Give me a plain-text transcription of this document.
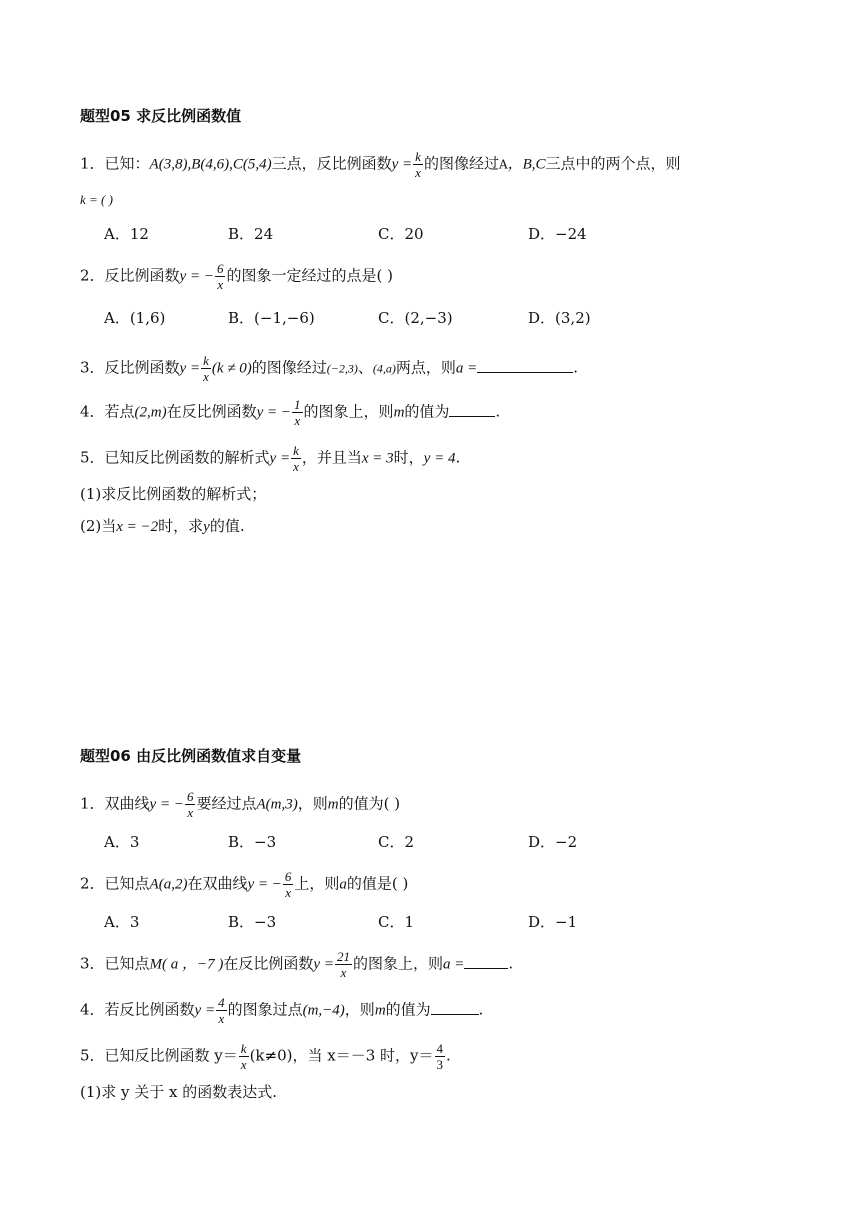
题型05 求反比例函数值
1．已知：A(3,8),B(4,6),C(5,4)三点，反比例函数$y = \frac{k}{x}$ 的图像经过A，B,C三点中的两个点，则
k = ( )
A．12	B．24	C．20	D．−24
2．反比例函数y = − $\frac{6}{x}$ 的图象一定经过的点是( )
A．(1,6)	B．(−1,−6)	C．(2,−3)	D．(3,2)
3．反比例函数$y = \frac{k}{x} (k \ne 0)$的图像经过(−2,3)、(4,a)两点，则a =	.
4．若点(2,m)在反比例函数y = − $\frac{1}{x}$ 的图象上，则m的值为	.
5．已知反比例函数的解析式$y = \frac{k}{x}$ ，并且当x = 3时，y = 4.
(1)求反比例函数的解析式；
(2)当x = −2时，求y的值.
题型06 由反比例函数值求自变量
1．双曲线y = − $\frac{6}{x}$ 要经过点A(m,3)，则m的值为( )
A．3	B．−3	C．2	D．−2
2．已知点A(a,2)在双曲线y = − $\frac{6}{x}$ 上，则a的值是( )
A．3	B．−3	C．1	D．−1
3．已知点M( a ，−7 )在反比例函数$y = \frac{21}{x}$ 的图象上，则a =	.
4．若反比例函数$y = \frac{4}{x}$ 的图象过点(m,−4)，则m的值为	.
5．已知反比例函数 $y= \frac{k}{x} (k\ne 0)$，当 x＝－3 时，$y= \frac{4}{3}$ .
(1)求 y 关于 x 的函数表达式.
